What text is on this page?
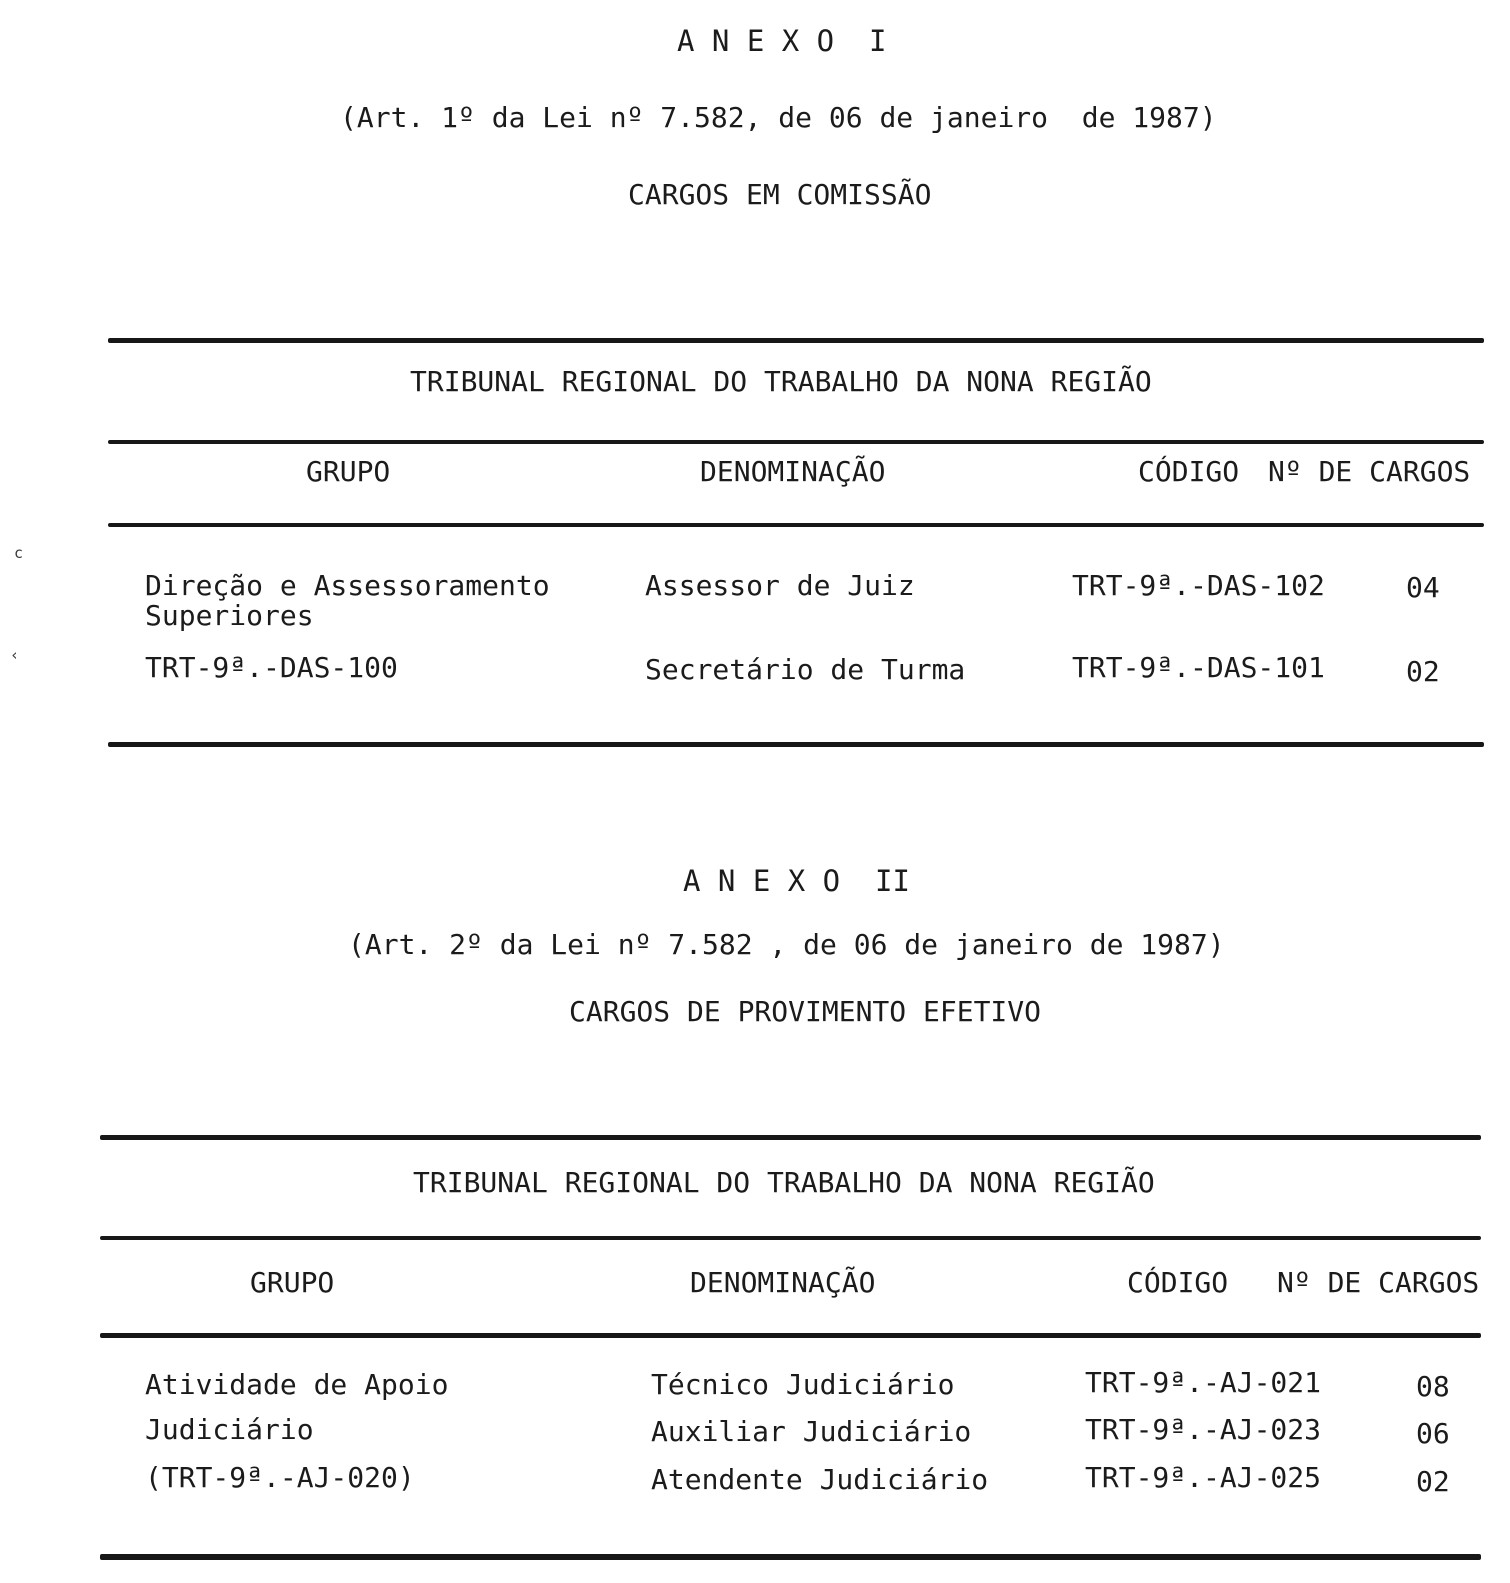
c
‹
A N E X O  I
(Art. 1º da Lei nº 7.582, de 06 de janeiro  de 1987)
CARGOS EM COMISSÃO
TRIBUNAL REGIONAL DO TRABALHO DA NONA REGIÃO
GRUPO	DENOMINAÇÃO	CÓDIGO Nº DE CARGOS
Direção e Assessoramento
Superiores
TRT-9ª.-DAS-100
Assessor de Juiz	TRT-9ª.-DAS-102	04
Secretário de Turma	TRT-9ª.-DAS-101	02
A N E X O  II
(Art. 2º da Lei nº 7.582 , de 06 de janeiro de 1987)
CARGOS DE PROVIMENTO EFETIVO
TRIBUNAL REGIONAL DO TRABALHO DA NONA REGIÃO
GRUPO	DENOMINAÇÃO	CÓDIGO Nº DE CARGOS
Atividade de Apoio
Judiciário
(TRT-9ª.-AJ-020)
Técnico Judiciário	TRT-9ª.-AJ-021	08
Auxiliar Judiciário	TRT-9ª.-AJ-023	06
Atendente Judiciário	TRT-9ª.-AJ-025	02
